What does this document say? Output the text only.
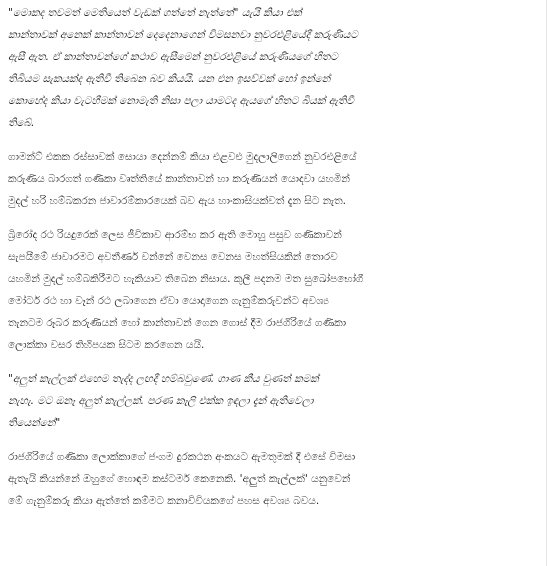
"මොකද තවමත් මෙතියෙත් වැඩක් ගත්තේ නැත්තේ" යැයි කියා එක්
කාන්තාවක් අනෙක් කාන්තාවන් දෙදෙනාගෙන් විමසනවා නුවරඑළියේදී කරුණියට
ඇසී ඇත. ඒ කාන්තාවන්ගේ කථාව ඇසීමෙන් නුවරඑළියේ කරුණියගේ හිතට
තිබියම සැකයක්ද ඇතිවී තිබෙන බව කියයි. යන එන ඉසව්වක් හෝ ඉන්නේ
කොහේද කියා වැටහීමක් නොමැති නිසා පලා යාමටද ඇයගේ හිතට බියක් ඇතිවී
තිබේ.

ගාමන්ට් එකක රස්සාවක් සොයා දෙන්නම් කියා එළවළු මුදලාලිගෙන් නුවරඑළියේ
කරුණිය බාරගත් ගණිකා වෘත්තියේ කාන්තාවන් හා කරුණියන් යොදවා යහමින්
මුදල් හරි හම්බකරන ජාවාරම්කාරයෙක් බව ඇය හාංකාසියක්වත් දැන සිට නැත.

බ්‍රිරෝද රථ රියදුරෙක් ලෙස ජීවිකාව ආරම්භ කර ඇති මොහු පසුව ගණිකාවන්
සැපයීමේ ජාවාරමට අවතීර්ණ වන්නේ වෙනස වෙනස මහත්සියකින් තොරව
යහමින් මුදල් හම්බකිරීමට හැකියාව තිබෙන නිසාය. කුලී පදනම මත සුඛෝපභෝගී
මෝටර් රථ හා වෑන් රථ ලබාගෙන ඒවා යොදාගෙන ගැනුම්කරුවන්ට අවශ්‍ය
තැනටම රූබර කරුණියන් හෝ කාන්තාවන් ගෙන ගොස් දීම රාජගිරියේ ගණිකා
ලොක්කා වසර තිහිපයක සිටම කරගෙන යයි.

"අලුත් කැල්ලක් එහෙම තැද්ද ලඟදී හම්බවුණේ. ගාණ කීය වුණත් කමක්
නැහැ. මට ඔනෑ අලුත් කැල්ලක්. පරණ කෑලි එක්ක ඉඳලා දැන් ඇතිවෙලා
තියෙන්නේ"

රාජගිරියේ ගණිකා ලොක්කාගේ ජංගම දුරකථන අංකයට ඇමතුමක් දී එසේ විමසා
ඇතැයි කියන්නේ ඔහුගේ හොඳම කස්ටමර් කෙනෙකි. 'අලුත් කැල්ලක්' යනුවෙන්
මේ ගැනුම්කරු කියා ඇත්තේ කම්මට කනාවිවියකගේ පහස අවශ්‍ය බවය.
